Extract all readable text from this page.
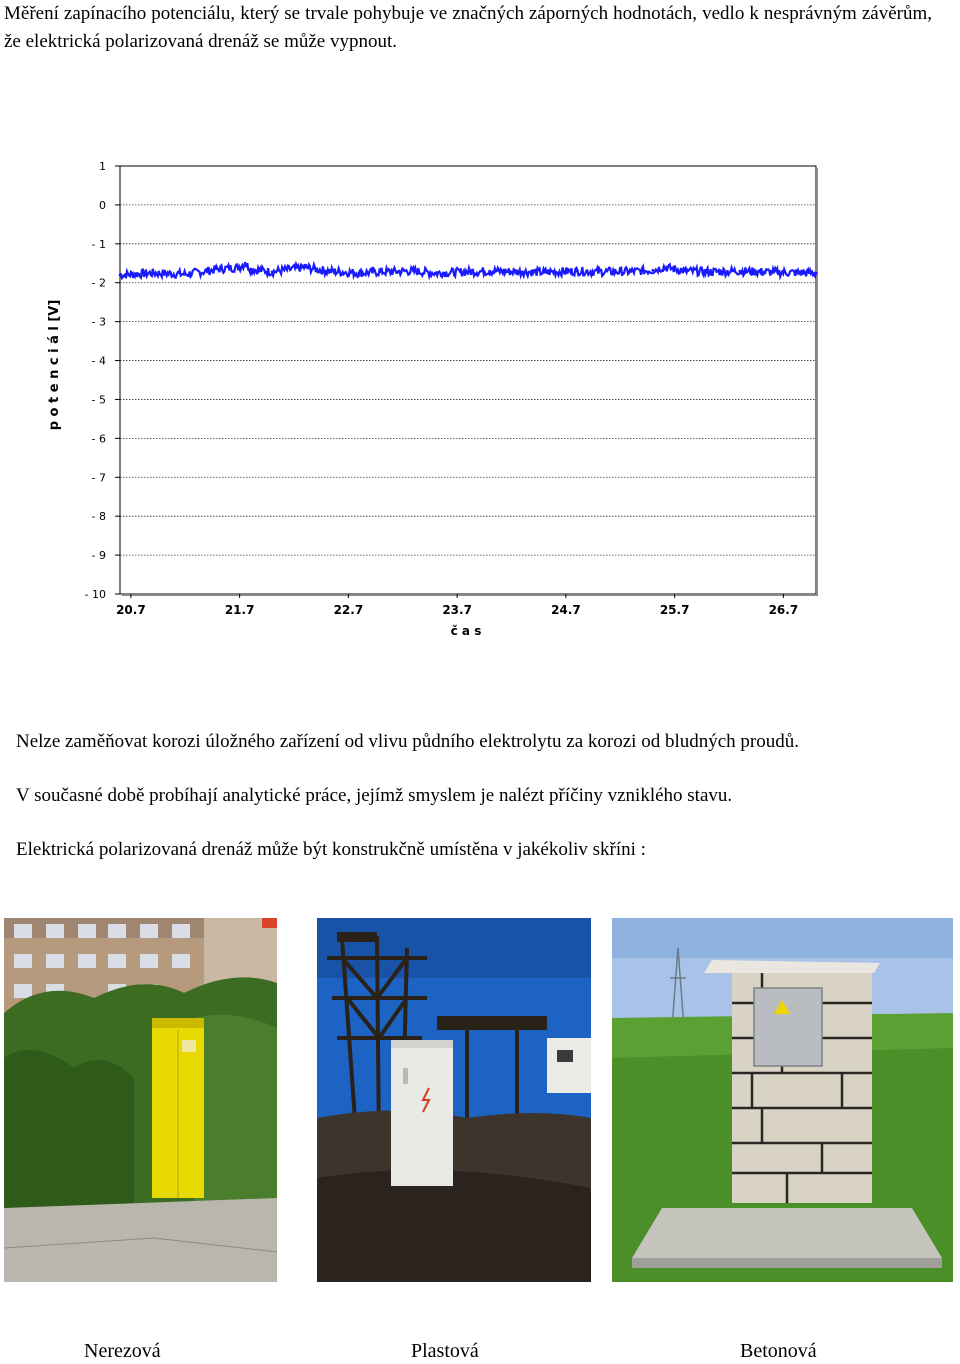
Měření zapínacího potenciálu, který se trvale pohybuje ve značných záporných hodnotách, vedlo k nesprávným závěrům, že elektrická polarizovaná drenáž se může vypnout.
1
0
- 1
- 2
- 3
- 4
- 5
- 6
- 7
- 8
- 9
- 10
20.7	21.7	22.7	23.7	24.7	25.7	26.7
č a s
p o t e n c i á l [V]
Nelze zaměňovat korozi úložného zařízení od vlivu půdního elektrolytu za korozi od bludných proudů.
V současné době probíhají analytické práce, jejímž smyslem je nalézt příčiny vzniklého stavu.
Elektrická polarizovaná drenáž může být konstrukčně umístěna v jakékoliv skříni :
Nerezová	Plastová	Betonová
